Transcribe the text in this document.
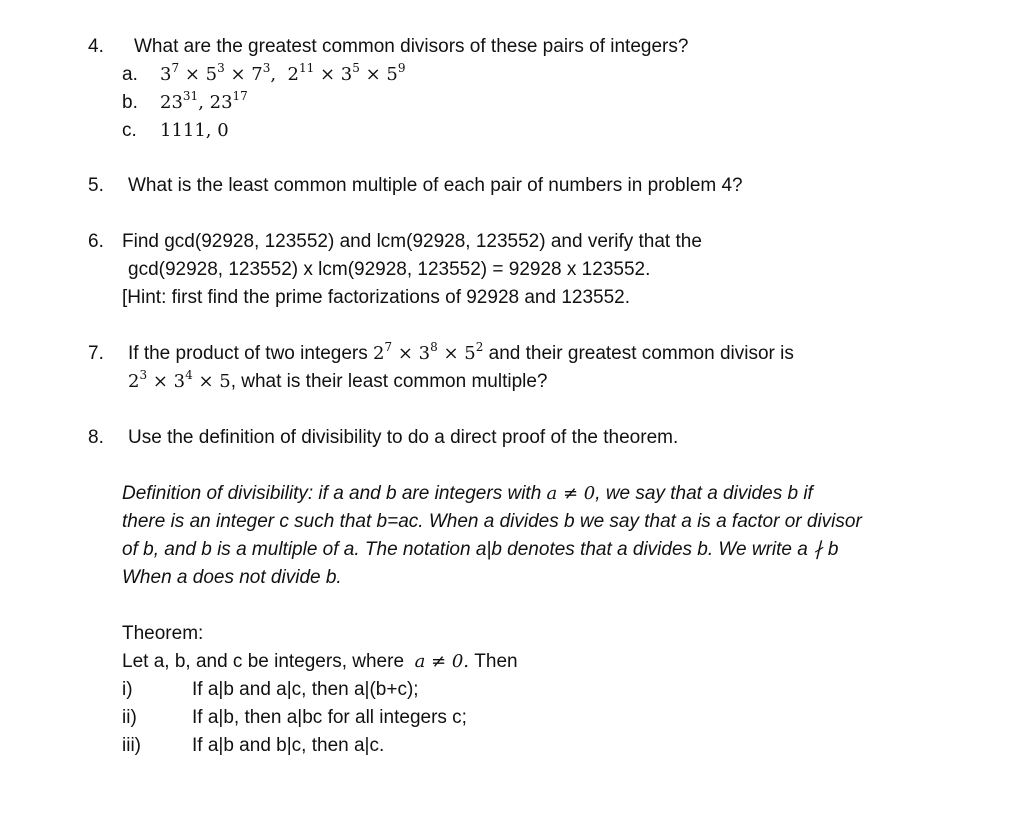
4. What are the greatest common divisors of these pairs of integers?
a. $3^7 \times 5^3 \times 7^3$,  $2^{11} \times 3^5 \times 5^9$
b. $23^{31}$, $23^{17}$
c. 1111, 0
5. What is the least common multiple of each pair of numbers in problem 4?
6. Find gcd(92928, 123552) and lcm(92928, 123552) and verify that the
gcd(92928, 123552) x lcm(92928, 123552) = 92928 x 123552.
[Hint: first find the prime factorizations of 92928 and 123552.
7. If the product of two integers $2^7 \times 3^8 \times 5^2$ and their greatest common divisor is
$2^3 \times 3^4 \times 5$, what is their least common multiple?
8. Use the definition of divisibility to do a direct proof of the theorem.
Definition of divisibility: if a and b are integers with a ≠ 0, we say that a divides b if
there is an integer c such that b=ac. When a divides b we say that a is a factor or divisor
of b, and b is a multiple of a. The notation a|b denotes that a divides b. We write a ∤ b
When a does not divide b.
Theorem:
Let a, b, and c be integers, where a ≠ 0. Then
i)	If a|b and a|c, then a|(b+c);
ii)	If a|b, then a|bc for all integers c;
iii)	If a|b and b|c, then a|c.
